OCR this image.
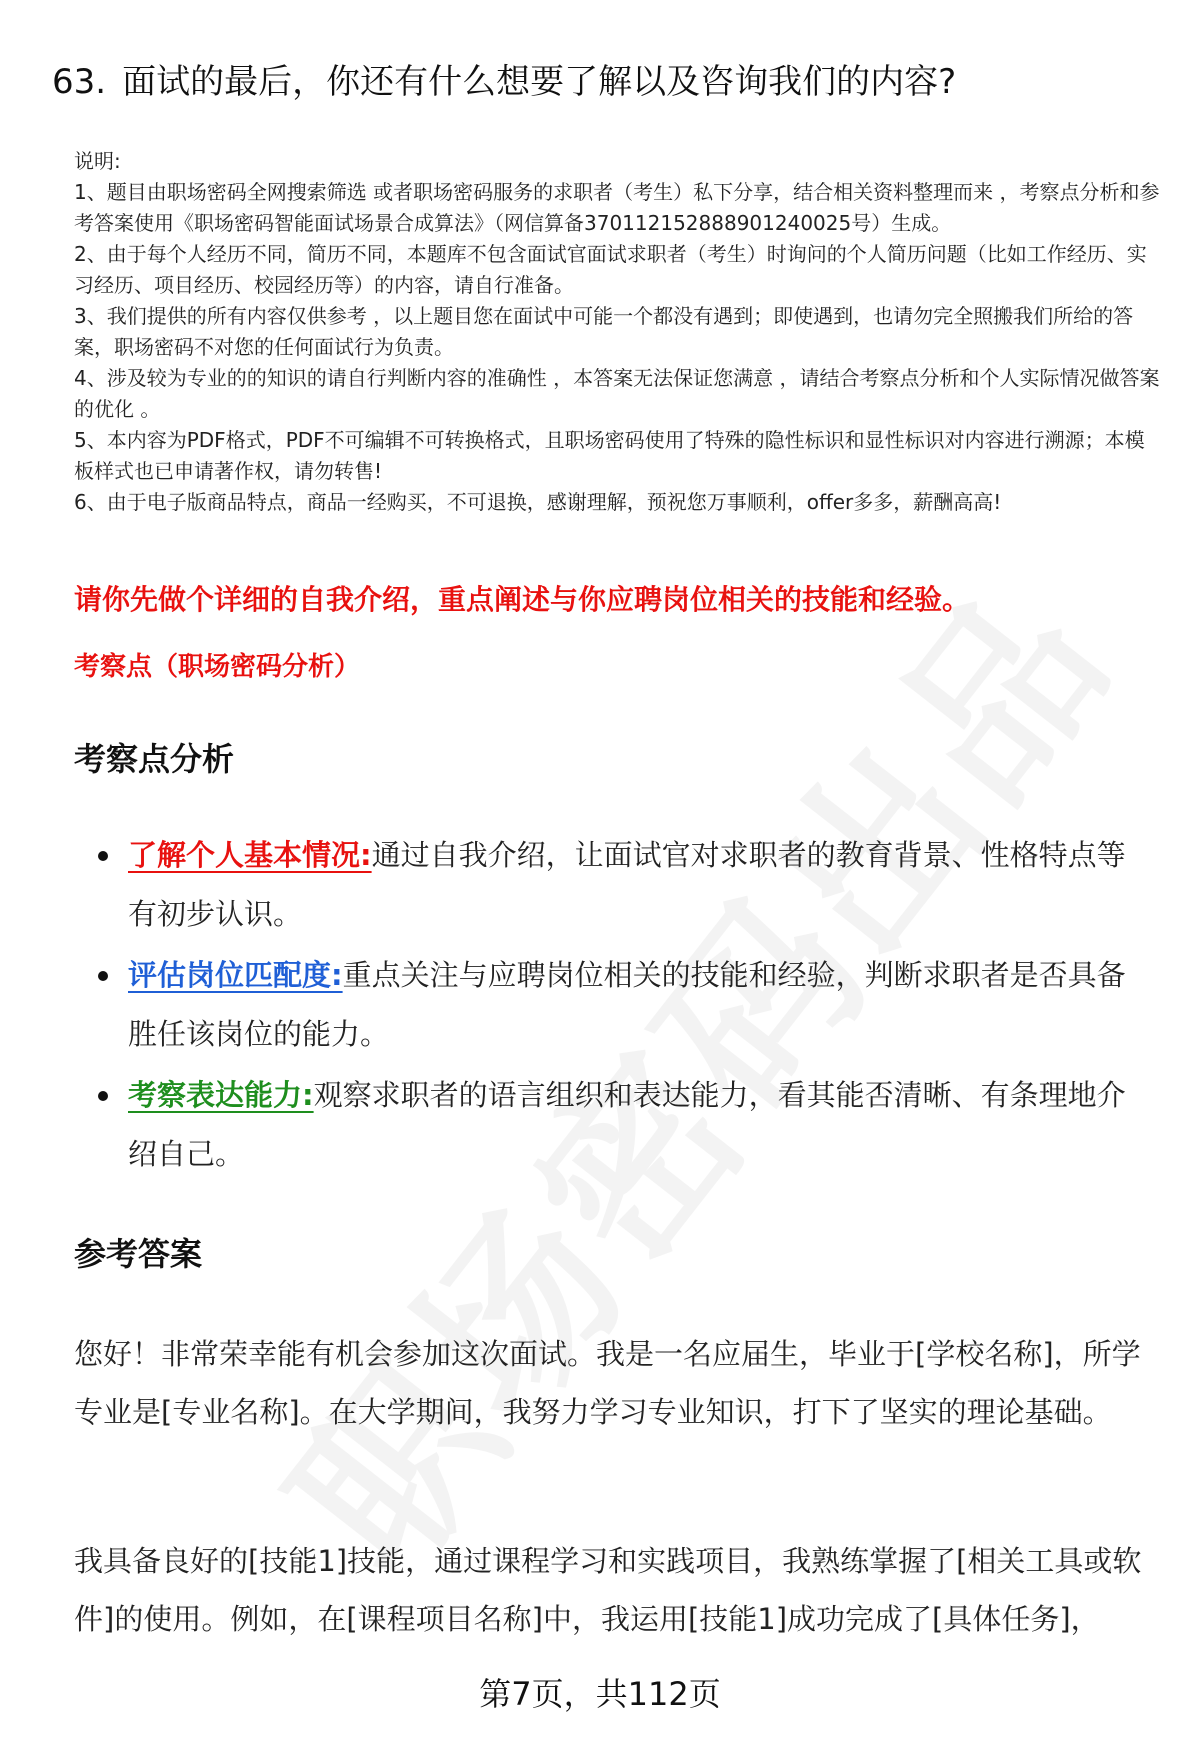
63. 面试的最后，你还有什么想要了解以及咨询我们的内容?
说明:
1、题目由职场密码全网搜索筛选 或者职场密码服务的求职者（考生）私下分享，结合相关资料整理而来 ，考察点分析和参考答案使用《职场密码智能面试场景合成算法》（网信算备370112152888901240025号）生成。
2、由于每个人经历不同，简历不同，本题库不包含面试官面试求职者（考生）时询问的个人简历问题（比如工作经历、实习经历、项目经历、校园经历等）的内容，请自行准备。
3、我们提供的所有内容仅供参考 ，以上题目您在面试中可能一个都没有遇到；即使遇到，也请勿完全照搬我们所给的答案，职场密码不对您的任何面试行为负责。
4、涉及较为专业的的知识的请自行判断内容的准确性 ，本答案无法保证您满意 ，请结合考察点分析和个人实际情况做答案的优化 。
5、本内容为PDF格式，PDF不可编辑不可转换格式，且职场密码使用了特殊的隐性标识和显性标识对内容进行溯源；本模板样式也已申请著作权，请勿转售!
6、由于电子版商品特点，商品一经购买，不可退换，感谢理解，预祝您万事顺利，offer多多，薪酬高高!
请你先做个详细的自我介绍，重点阐述与你应聘岗位相关的技能和经验。
考察点（职场密码分析）
考察点分析
了解个人基本情况:通过自我介绍，让面试官对求职者的教育背景、性格特点等有初步认识。
评估岗位匹配度:重点关注与应聘岗位相关的技能和经验，判断求职者是否具备胜任该岗位的能力。
考察表达能力:观察求职者的语言组织和表达能力，看其能否清晰、有条理地介绍自己。
参考答案
您好！非常荣幸能有机会参加这次面试。我是一名应届生，毕业于[学校名称]，所学专业是[专业名称]。在大学期间，我努力学习专业知识，打下了坚实的理论基础。
我具备良好的[技能1]技能，通过课程学习和实践项目，我熟练掌握了[相关工具或软件]的使用。例如，在[课程项目名称]中，我运用[技能1]成功完成了[具体任务]，
第7页，共112页
